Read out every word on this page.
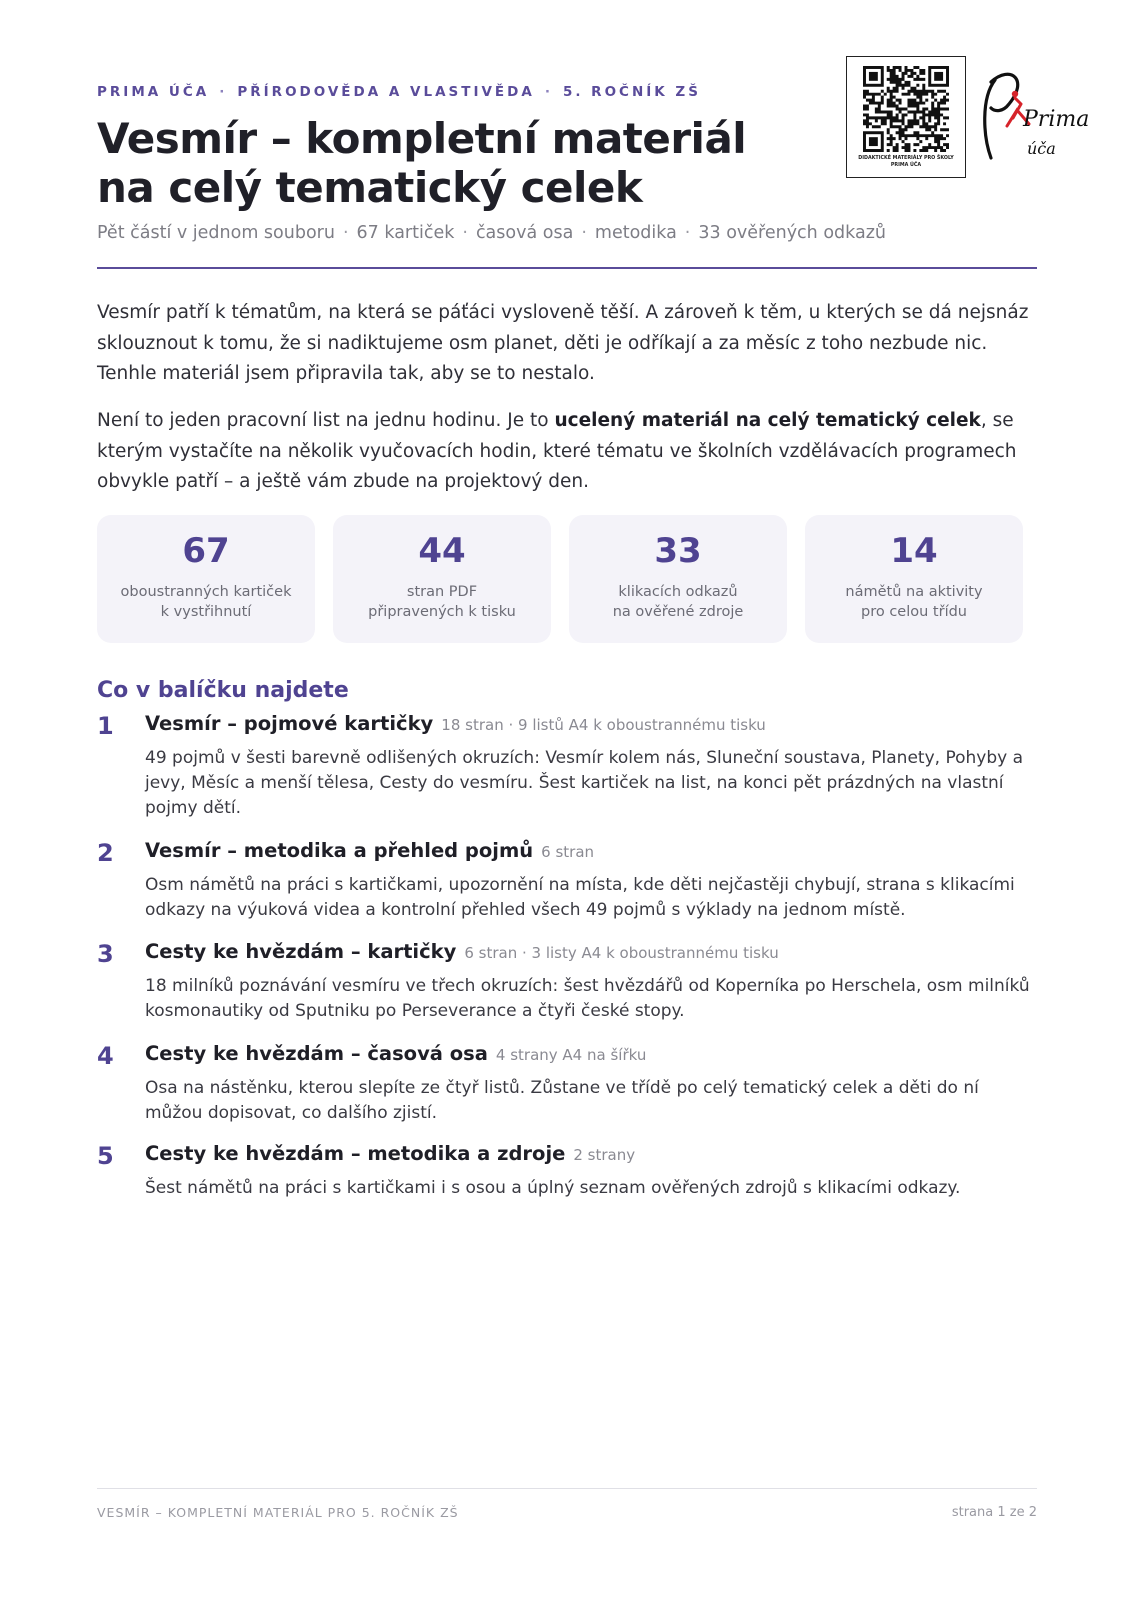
PRIMA ÚČA · PŘÍRODOVĚDA A VLASTIVĚDA · 5. ROČNÍK ZŠ
Vesmír – kompletní materiál
na celý tematický celek
Pět částí v jednom souboru · 67 kartiček · časová osa · metodika · 33 ověřených odkazů
DIDAKTICKÉ MATERIÁLY PRO ŠKOLY
PRIMA ÚČA
Prima
úča

Vesmír patří k tématům, na která se páťáci vysloveně těší. A zároveň k těm, u kterých se dá nejsnáz sklouznout k tomu, že si nadiktujeme osm planet, děti je odříkají a za měsíc z toho nezbude nic. Tenhle materiál jsem připravila tak, aby se to nestalo.

Není to jeden pracovní list na jednu hodinu. Je to ucelený materiál na celý tematický celek, se kterým vystačíte na několik vyučovacích hodin, které tématu ve školních vzdělávacích programech obvykle patří – a ještě vám zbude na projektový den.

67
oboustranných kartiček
k vystřihnutí
44
stran PDF
připravených k tisku
33
klikacích odkazů
na ověřené zdroje
14
námětů na aktivity
pro celou třídu
Co v balíčku najdete
1 Vesmír – pojmové kartičky 18 stran · 9 listů A4 k oboustrannému tisku

49 pojmů v šesti barevně odlišených okruzích: Vesmír kolem nás, Sluneční soustava, Planety, Pohyby a jevy, Měsíc a menší tělesa, Cesty do vesmíru. Šest kartiček na list, na konci pět prázdných na vlastní pojmy dětí.

2 Vesmír – metodika a přehled pojmů 6 stran

Osm námětů na práci s kartičkami, upozornění na místa, kde děti nejčastěji chybují, strana s klikacími odkazy na výuková videa a kontrolní přehled všech 49 pojmů s výklady na jednom místě.

3 Cesty ke hvězdám – kartičky 6 stran · 3 listy A4 k oboustrannému tisku

18 milníků poznávání vesmíru ve třech okruzích: šest hvězdářů od Koperníka po Herschela, osm milníků kosmonautiky od Sputniku po Perseverance a čtyři české stopy.

4 Cesty ke hvězdám – časová osa 4 strany A4 na šířku

Osa na nástěnku, kterou slepíte ze čtyř listů. Zůstane ve třídě po celý tematický celek a děti do ní můžou dopisovat, co dalšího zjistí.

5 Cesty ke hvězdám – metodika a zdroje 2 strany

Šest námětů na práci s kartičkami i s osou a úplný seznam ověřených zdrojů s klikacími odkazy.

VESMÍR – KOMPLETNÍ MATERIÁL PRO 5. ROČNÍK ZŠ	strana 1 ze 2
